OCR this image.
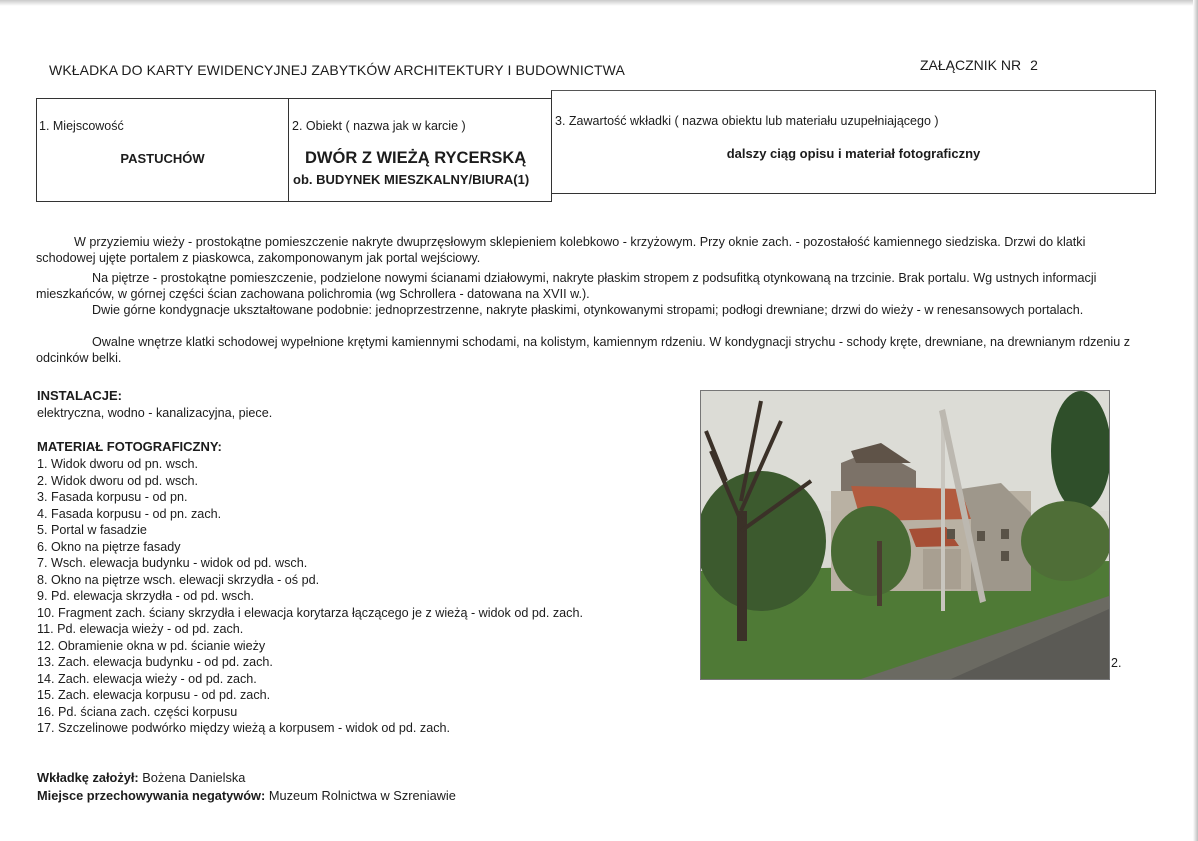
WKŁADKA DO KARTY EWIDENCYJNEJ ZABYTKÓW ARCHITEKTURY I BUDOWNICTWA	ZAŁĄCZNIK NR 2
1. Miejscowość
PASTUCHÓW
2. Obiekt ( nazwa jak w karcie )
DWÓR Z WIEŻĄ RYCERSKĄ
ob. BUDYNEK MIESZKALNY/BIURA(1)
3. Zawartość wkładki ( nazwa obiektu lub materiału uzupełniającego )
dalszy ciąg opisu i materiał fotograficzny
W przyziemiu wieży - prostokątne pomieszczenie nakryte dwuprzęsłowym sklepieniem kolebkowo - krzyżowym. Przy oknie zach. - pozostałość kamiennego siedziska. Drzwi do klatki schodowej ujęte portalem z piaskowca, zakomponowanym jak portal wejściowy.
Na piętrze - prostokątne pomieszczenie, podzielone nowymi ścianami działowymi, nakryte płaskim stropem z podsufitką otynkowaną na trzcinie. Brak portalu. Wg ustnych informacji mieszkańców, w górnej części ścian zachowana polichromia (wg Schrollera - datowana na XVII w.).
Dwie górne kondygnacje ukształtowane podobnie: jednoprzestrzenne, nakryte płaskimi, otynkowanymi stropami; podłogi drewniane; drzwi do wieży - w renesansowych portalach.
Owalne wnętrze klatki schodowej wypełnione krętymi kamiennymi schodami, na kolistym, kamiennym rdzeniu. W kondygnacji strychu - schody kręte, drewniane, na drewnianym rdzeniu z odcinków belki.
INSTALACJE:
elektryczna, wodno - kanalizacyjna, piece.
MATERIAŁ FOTOGRAFICZNY:
1. Widok dworu od pn. wsch.
2. Widok dworu od pd. wsch.
3. Fasada korpusu - od pn.
4. Fasada korpusu - od pn. zach.
5. Portal w fasadzie
6. Okno na piętrze fasady
7. Wsch. elewacja budynku - widok od pd. wsch.
8. Okno na piętrze wsch. elewacji skrzydła - oś pd.
9. Pd. elewacja skrzydła - od pd. wsch.
10. Fragment zach. ściany skrzydła i elewacja korytarza łączącego je z wieżą - widok od pd. zach.
11. Pd. elewacja wieży - od pd. zach.
12. Obramienie okna w pd. ścianie wieży
13. Zach. elewacja budynku - od pd. zach.
14. Zach. elewacja wieży - od pd. zach.
15. Zach. elewacja korpusu - od pd. zach.
16. Pd. ściana zach. części korpusu
17. Szczelinowe podwórko między wieżą a korpusem - widok od pd. zach.
2.
Wkładkę założył: Bożena Danielska
Miejsce przechowywania negatywów: Muzeum Rolnictwa w Szreniawie
